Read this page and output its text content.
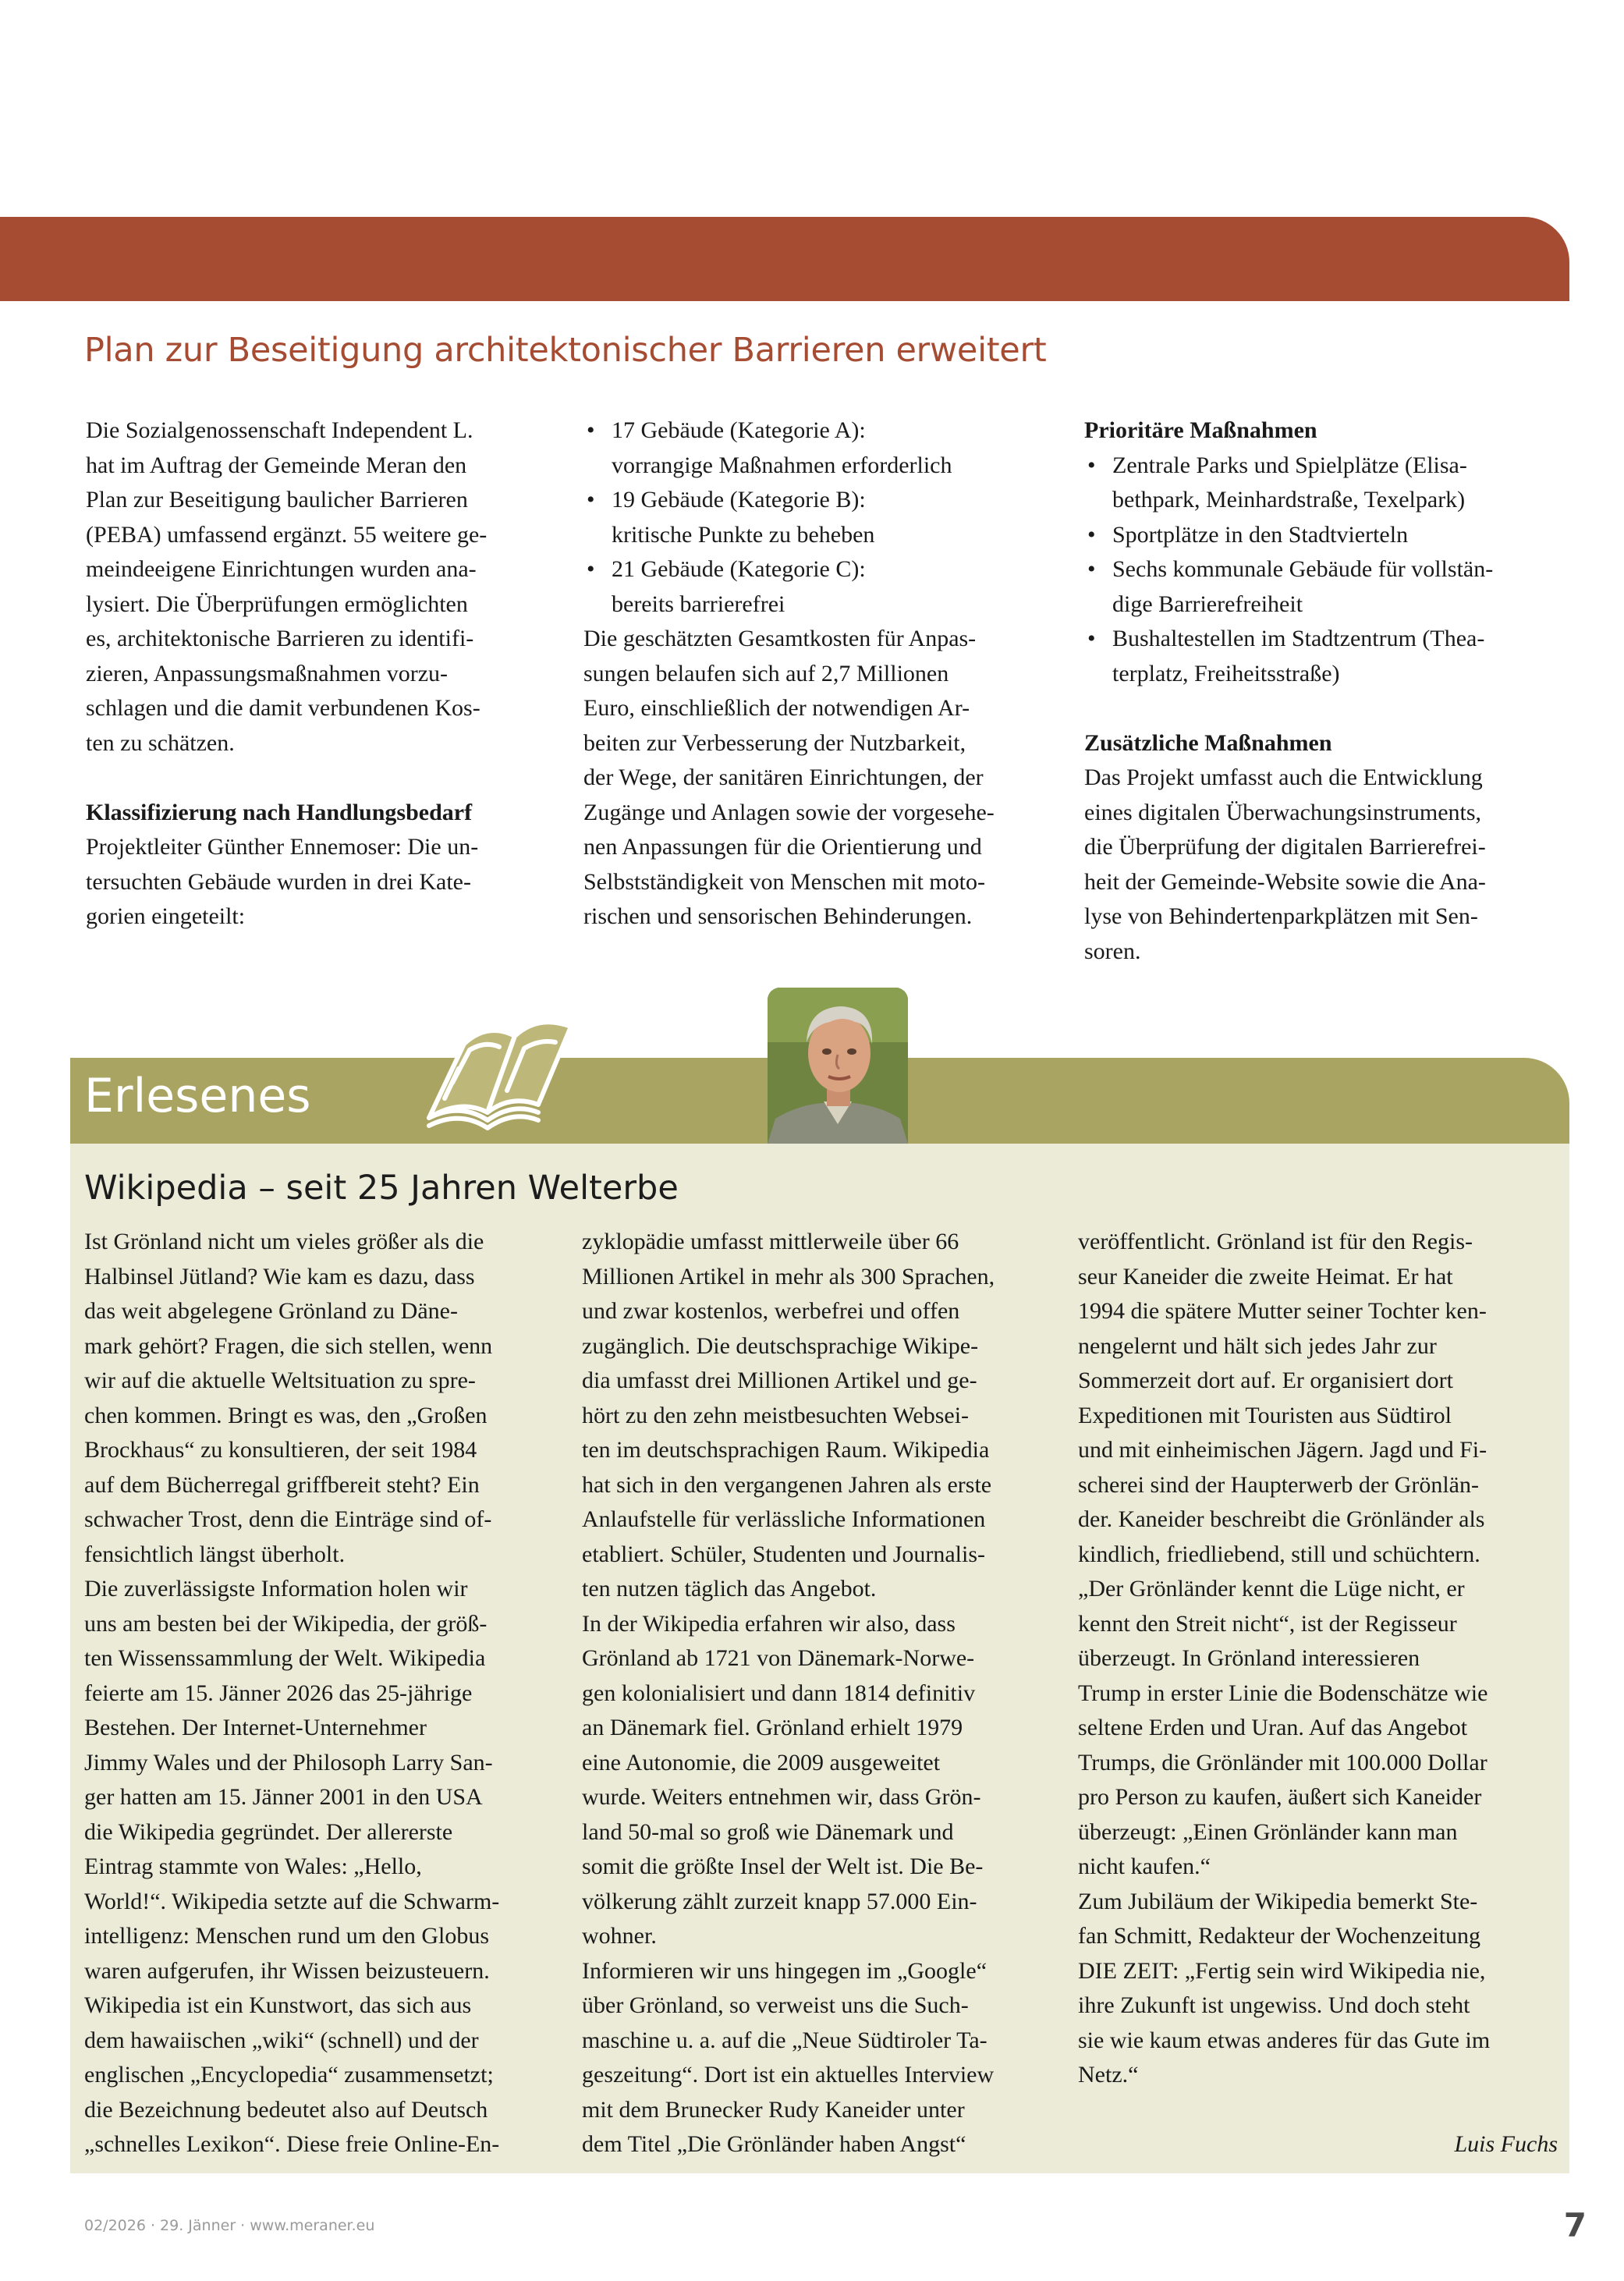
Plan zur Beseitigung architektonischer Barrieren erweitert

Die Sozialgenossenschaft Independent L.
hat im Auftrag der Gemeinde Meran den
Plan zur Beseitigung baulicher Barrieren
(PEBA) umfassend ergänzt. 55 weitere ge-
meindeeigene Einrichtungen wurden ana-
lysiert. Die Überprüfungen ermöglichten
es, architektonische Barrieren zu identifi-
zieren, Anpassungsmaßnahmen vorzu-
schlagen und die damit verbundenen Kos-
ten zu schätzen.

Klassifizierung nach Handlungsbedarf

Projektleiter Günther Ennemoser: Die un-
tersuchten Gebäude wurden in drei Kate-
gorien eingeteilt:

• 17 Gebäude (Kategorie A):
vorrangige Maßnahmen erforderlich
• 19 Gebäude (Kategorie B):
kritische Punkte zu beheben
• 21 Gebäude (Kategorie C):
bereits barrierefrei

Die geschätzten Gesamtkosten für Anpas-
sungen belaufen sich auf 2,7 Millionen
Euro, einschließlich der notwendigen Ar-
beiten zur Verbesserung der Nutzbarkeit,
der Wege, der sanitären Einrichtungen, der
Zugänge und Anlagen sowie der vorgesehe-
nen Anpassungen für die Orientierung und
Selbstständigkeit von Menschen mit moto-
rischen und sensorischen Behinderungen.

Prioritäre Maßnahmen

• Zentrale Parks und Spielplätze (Elisa-
bethpark, Meinhardstraße, Texelpark)
• Sportplätze in den Stadtvierteln
• Sechs kommunale Gebäude für vollstän-
dige Barrierefreiheit
• Bushaltestellen im Stadtzentrum (Thea-
terplatz, Freiheitsstraße)

Zusätzliche Maßnahmen

Das Projekt umfasst auch die Entwicklung
eines digitalen Überwachungsinstruments,
die Überprüfung der digitalen Barrierefrei-
heit der Gemeinde-Website sowie die Ana-
lyse von Behindertenparkplätzen mit Sen-
soren.

Erlesenes
Wikipedia – seit 25 Jahren Welterbe

Ist Grönland nicht um vieles größer als die
Halbinsel Jütland? Wie kam es dazu, dass
das weit abgelegene Grönland zu Däne-
mark gehört? Fragen, die sich stellen, wenn
wir auf die aktuelle Weltsituation zu spre-
chen kommen. Bringt es was, den „Großen
Brockhaus“ zu konsultieren, der seit 1984
auf dem Bücherregal griffbereit steht? Ein
schwacher Trost, denn die Einträge sind of-
fensichtlich längst überholt.

Die zuverlässigste Information holen wir
uns am besten bei der Wikipedia, der größ-
ten Wissenssammlung der Welt. Wikipedia
feierte am 15. Jänner 2026 das 25-jährige
Bestehen. Der Internet-Unternehmer
Jimmy Wales und der Philosoph Larry San-
ger hatten am 15. Jänner 2001 in den USA
die Wikipedia gegründet. Der allererste
Eintrag stammte von Wales: „Hello,
World!“. Wikipedia setzte auf die Schwarm-
intelligenz: Menschen rund um den Globus
waren aufgerufen, ihr Wissen beizusteuern.
Wikipedia ist ein Kunstwort, das sich aus
dem hawaiischen „wiki“ (schnell) und der
englischen „Encyclopedia“ zusammensetzt;
die Bezeichnung bedeutet also auf Deutsch
„schnelles Lexikon“. Diese freie Online-En-

zyklopädie umfasst mittlerweile über 66
Millionen Artikel in mehr als 300 Sprachen,
und zwar kostenlos, werbefrei und offen
zugänglich. Die deutschsprachige Wikipe-
dia umfasst drei Millionen Artikel und ge-
hört zu den zehn meistbesuchten Websei-
ten im deutschsprachigen Raum. Wikipedia
hat sich in den vergangenen Jahren als erste
Anlaufstelle für verlässliche Informationen
etabliert. Schüler, Studenten und Journalis-
ten nutzen täglich das Angebot.

In der Wikipedia erfahren wir also, dass
Grönland ab 1721 von Dänemark-Norwe-
gen kolonialisiert und dann 1814 definitiv
an Dänemark fiel. Grönland erhielt 1979
eine Autonomie, die 2009 ausgeweitet
wurde. Weiters entnehmen wir, dass Grön-
land 50-mal so groß wie Dänemark und
somit die größte Insel der Welt ist. Die Be-
völkerung zählt zurzeit knapp 57.000 Ein-
wohner.

Informieren wir uns hingegen im „Google“
über Grönland, so verweist uns die Such-
maschine u. a. auf die „Neue Südtiroler Ta-
geszeitung“. Dort ist ein aktuelles Interview
mit dem Brunecker Rudy Kaneider unter
dem Titel „Die Grönländer haben Angst“

veröffentlicht. Grönland ist für den Regis-
seur Kaneider die zweite Heimat. Er hat
1994 die spätere Mutter seiner Tochter ken-
nengelernt und hält sich jedes Jahr zur
Sommerzeit dort auf. Er organisiert dort
Expeditionen mit Touristen aus Südtirol
und mit einheimischen Jägern. Jagd und Fi-
scherei sind der Haupterwerb der Grönlän-
der. Kaneider beschreibt die Grönländer als
kindlich, friedliebend, still und schüchtern.
„Der Grönländer kennt die Lüge nicht, er
kennt den Streit nicht“, ist der Regisseur
überzeugt. In Grönland interessieren
Trump in erster Linie die Bodenschätze wie
seltene Erden und Uran. Auf das Angebot
Trumps, die Grönländer mit 100.000 Dollar
pro Person zu kaufen, äußert sich Kaneider
überzeugt: „Einen Grönländer kann man
nicht kaufen.“

Zum Jubiläum der Wikipedia bemerkt Ste-
fan Schmitt, Redakteur der Wochenzeitung
DIE ZEIT: „Fertig sein wird Wikipedia nie,
ihre Zukunft ist ungewiss. Und doch steht
sie wie kaum etwas anderes für das Gute im
Netz.“

Luis Fuchs

02/2026 · 29. Jänner · www.meraner.eu	7
